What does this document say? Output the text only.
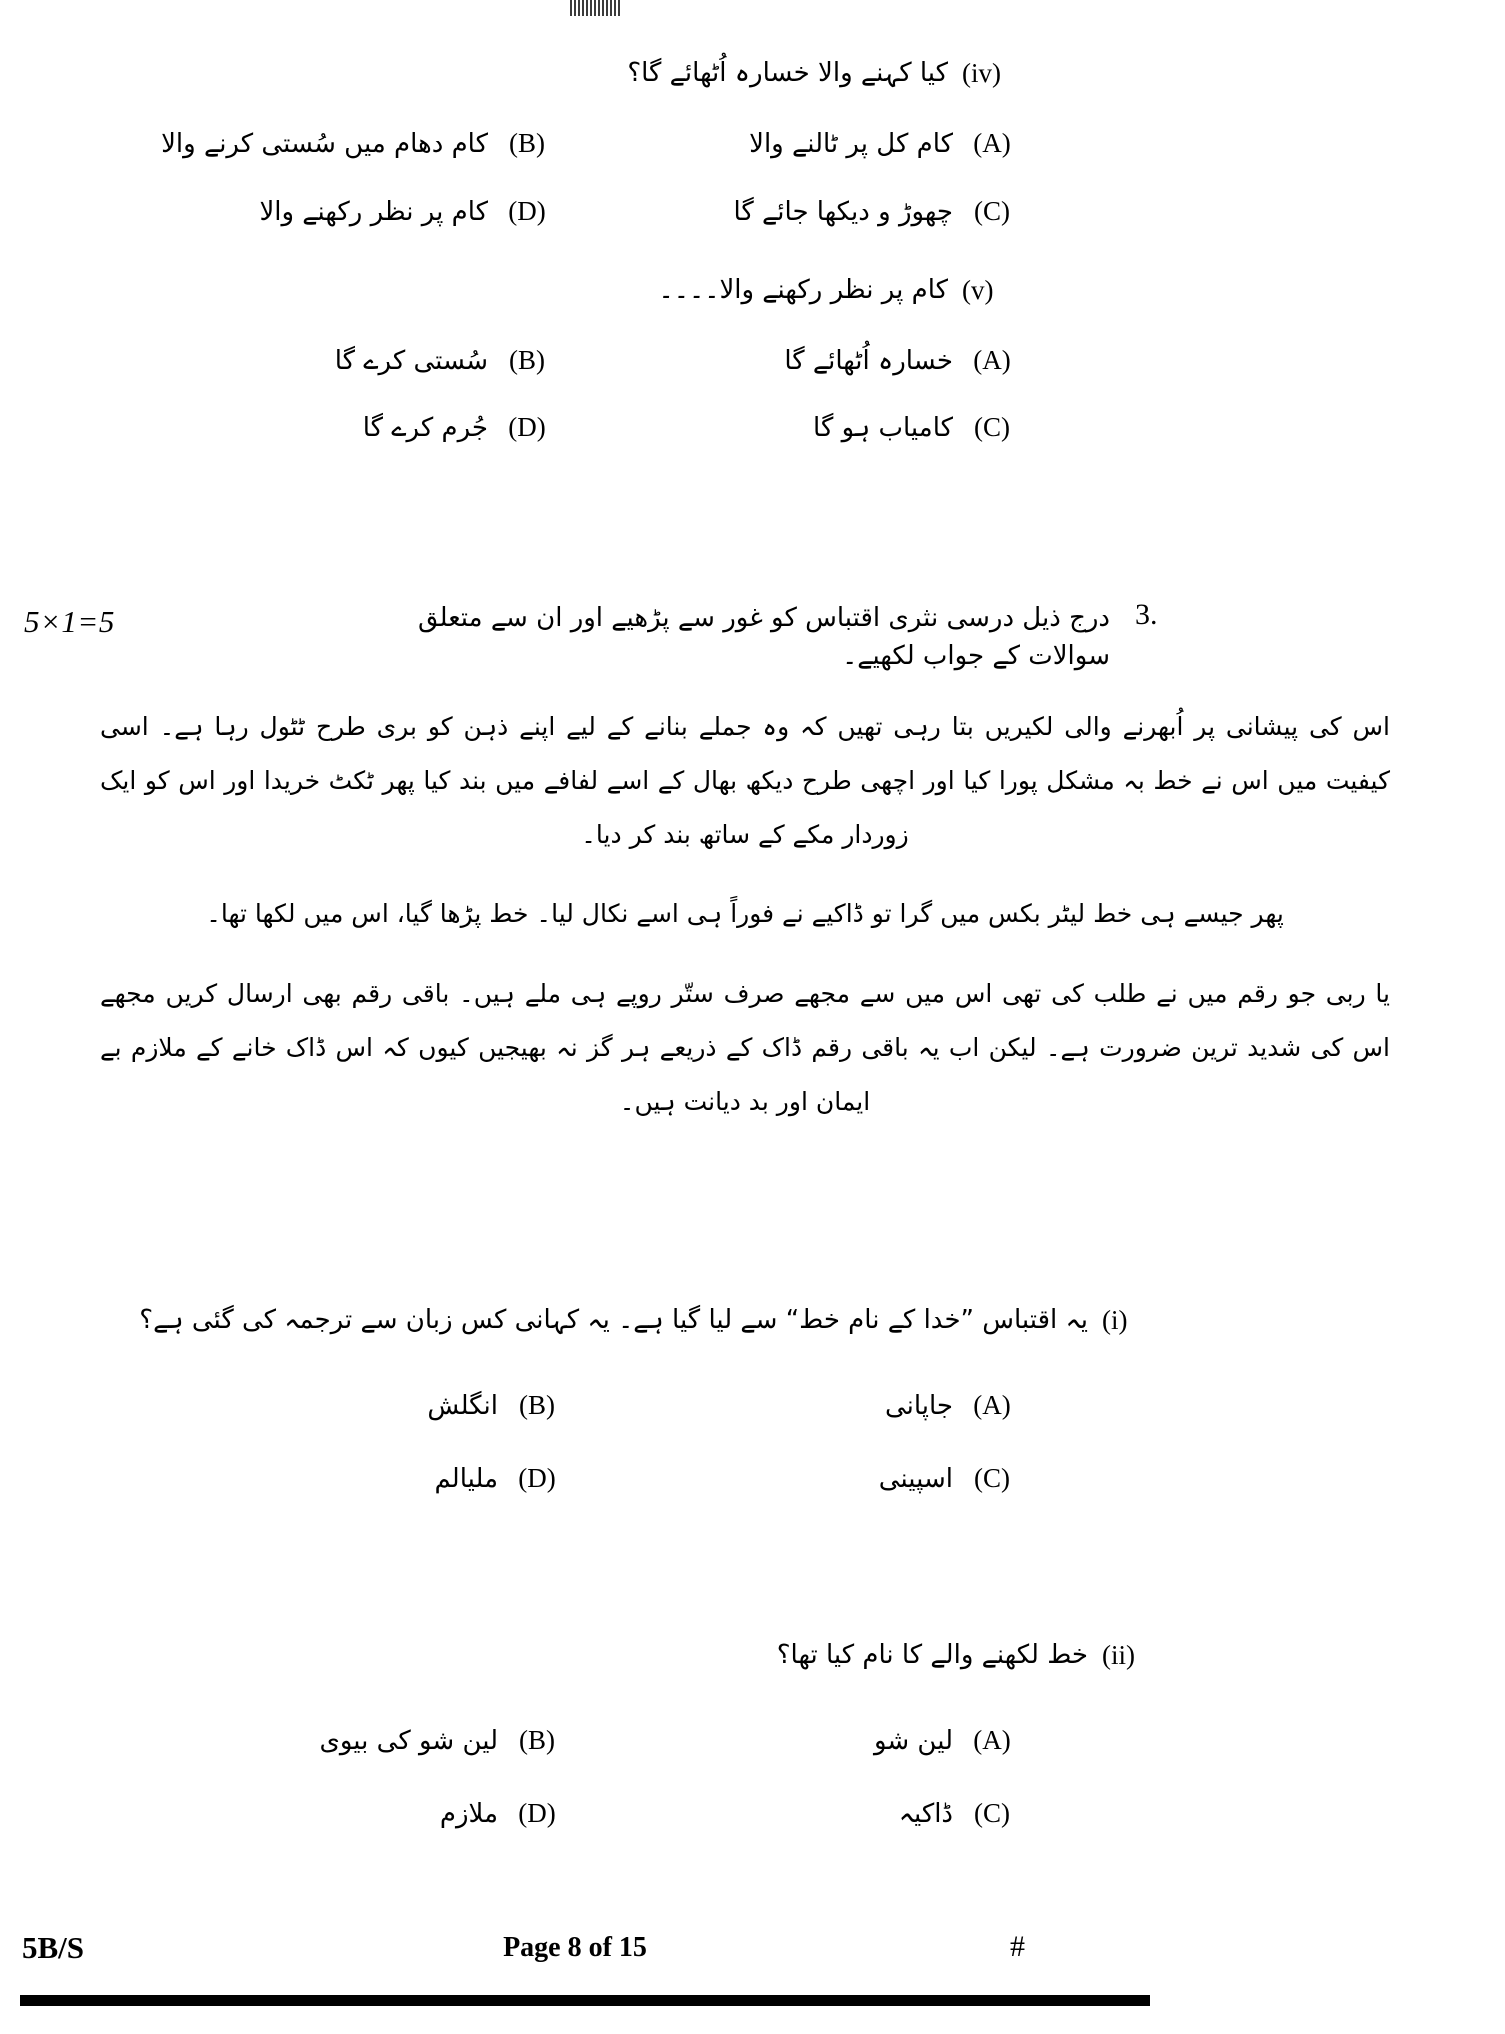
(iv)
کیا کہنے والا خسارہ اُٹھائے گا؟
(A)
کام کل پر ٹالنے والا
(B)
کام دھام میں سُستی کرنے والا
(C)
چھوڑ و دیکھا جائے گا
(D)
کام پر نظر رکھنے والا
(v)
کام پر نظر رکھنے والا۔۔۔۔
(A)
خسارہ اُٹھائے گا
(B)
سُستی کرے گا
(C)
کامیاب ہو گا
(D)
جُرم کرے گا
3.
درج ذیل درسی نثری اقتباس کو غور سے پڑھیے اور ان سے متعلق سوالات کے جواب لکھیے۔
5×1=5

اس کی پیشانی پر اُبھرنے والی لکیریں بتا رہی تھیں کہ وہ جملے بنانے کے لیے اپنے ذہن کو بری طرح ٹٹول رہا ہے۔ اسی کیفیت میں اس نے خط بہ مشکل پورا کیا اور اچھی طرح دیکھ بھال کے اسے لفافے میں بند کیا پھر ٹکٹ خریدا اور اس کو ایک زوردار مکے کے ساتھ بند کر دیا۔

پھر جیسے ہی خط لیٹر بکس میں گرا تو ڈاکیے نے فوراً ہی اسے نکال لیا۔ خط پڑھا گیا، اس میں لکھا تھا۔

یا ربی جو رقم میں نے طلب کی تھی اس میں سے مجھے صرف ستّر روپے ہی ملے ہیں۔ باقی رقم بھی ارسال کریں مجھے اس کی شدید ترین ضرورت ہے۔ لیکن اب یہ باقی رقم ڈاک کے ذریعے ہر گز نہ بھیجیں کیوں کہ اس ڈاک خانے کے ملازم بے ایمان اور بد دیانت ہیں۔

(i)
یہ اقتباس ”خدا کے نام خط“ سے لیا گیا ہے۔ یہ کہانی کس زبان سے ترجمہ کی گئی ہے؟
(A)
جاپانی
(B)
انگلش
(C)
اسپینی
(D)
ملیالم
(ii)
خط لکھنے والے کا نام کیا تھا؟
(A)
لین شو
(B)
لین شو کی بیوی
(C)
ڈاکیہ
(D)
ملازم
5B/S	Page 8 of 15	#
